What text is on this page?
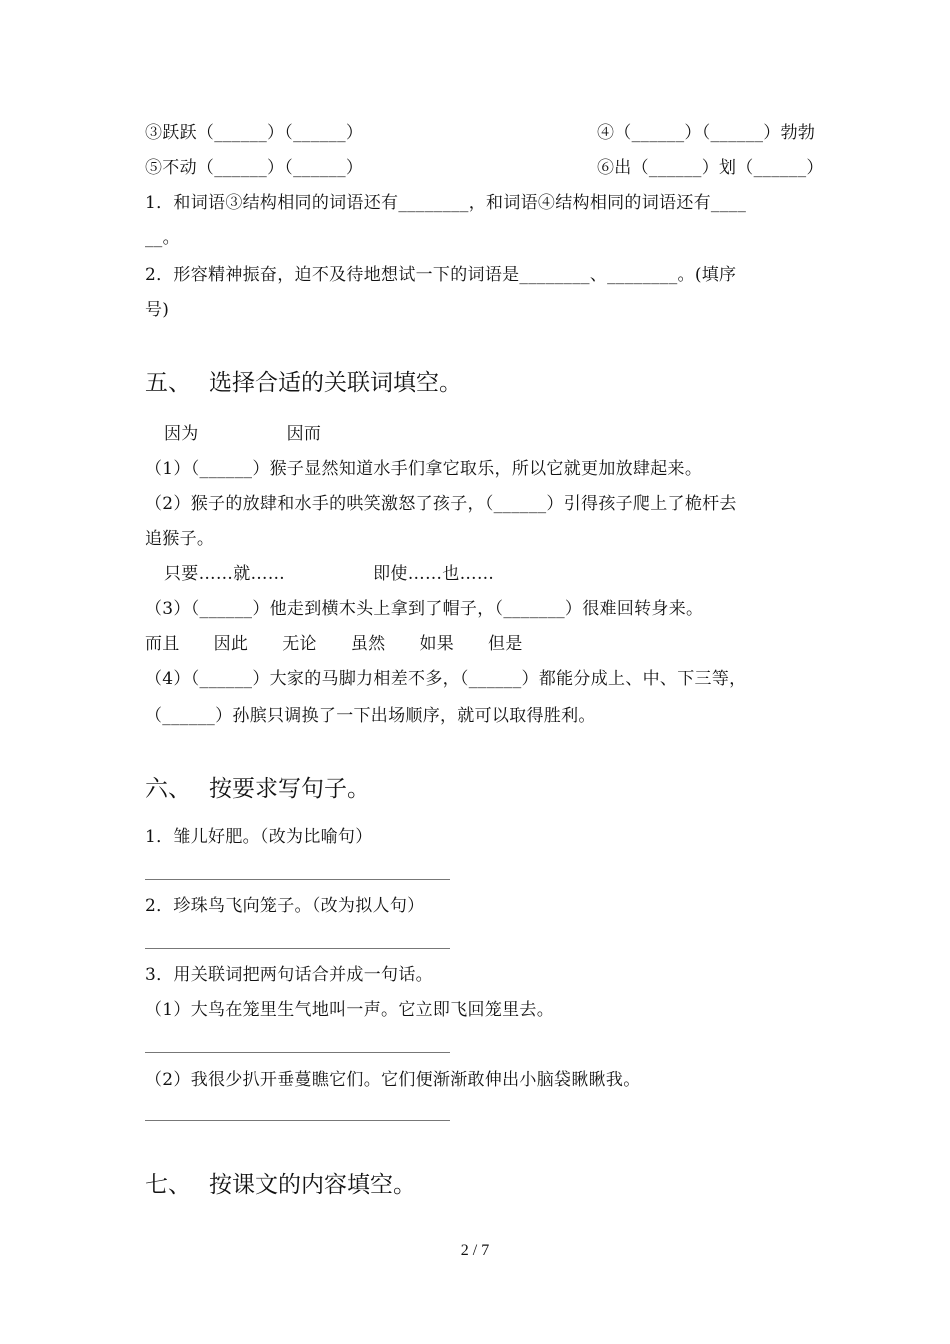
③跃跃（______）（______）	④（______）（______）勃勃
⑤不动（______）（______）	⑥出（______）划（______）
1．和词语③结构相同的词语还有________，和词语④结构相同的词语还有____
__。
2．形容精神振奋，迫不及待地想试一下的词语是________、________。(填序
号)
五、 选择合适的关联词填空。
因为	因而
（1）（______）猴子显然知道水手们拿它取乐，所以它就更加放肆起来。
（2）猴子的放肆和水手的哄笑激怒了孩子，（______）引得孩子爬上了桅杆去
追猴子。
只要……就……	即使……也……
（3）（______）他走到横木头上拿到了帽子，（_______）很难回转身来。
而且 因此 无论 虽然 如果 但是
（4）（______）大家的马脚力相差不多，（______）都能分成上、中、下三等，
（______）孙膑只调换了一下出场顺序，就可以取得胜利。
六、 按要求写句子。
1．雏儿好肥。（改为比喻句）
2．珍珠鸟飞向笼子。（改为拟人句）
3．用关联词把两句话合并成一句话。
（1）大鸟在笼里生气地叫一声。它立即飞回笼里去。
（2）我很少扒开垂蔓瞧它们。它们便渐渐敢伸出小脑袋瞅瞅我。
七、 按课文的内容填空。
2 / 7
